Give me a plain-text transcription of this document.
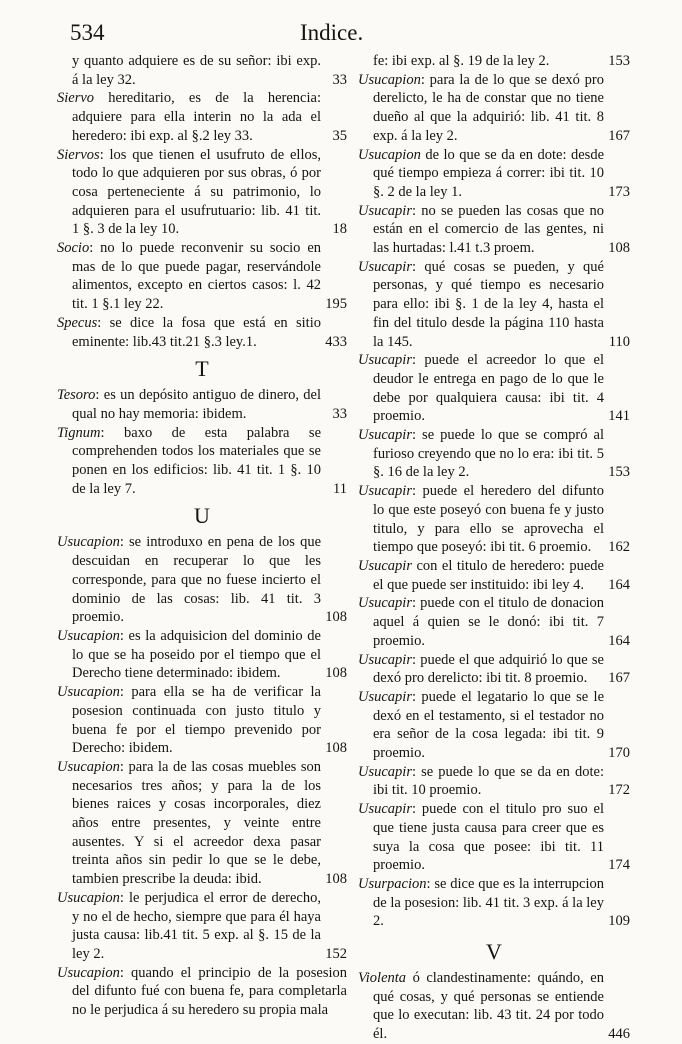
534	Indice.

y quanto adquiere es de su señor: ibi exp. á la ley 32.	33

Siervo hereditario, es de la herencia: adquiere para ella interin no la ada el heredero: ibi exp. al §.2 ley 33.	35

Siervos: los que tienen el usufruto de ellos, todo lo que adquieren por sus obras, ó por cosa perteneciente á su patrimonio, lo adquieren para el usufrutuario: lib. 41 tit. 1 §. 3 de la ley 10.	18

Socio: no lo puede reconvenir su socio en mas de lo que puede pagar, reservándole alimentos, excepto en ciertos casos: l. 42 tit. 1 §.1 ley 22.	195

Specus: se dice la fosa que está en sitio eminente: lib.43 tit.21 §.3 ley.1.	433

T

Tesoro: es un depósito antiguo de dinero, del qual no hay memoria: ibidem.	33

Tignum: baxo de esta palabra se comprehenden todos los materiales que se ponen en los edificios: lib. 41 tit. 1 §. 10 de la ley 7.	11

U

Usucapion: se introduxo en pena de los que descuidan en recuperar lo que les corresponde, para que no fuese incierto el dominio de las cosas: lib. 41 tit. 3 proemio.	108

Usucapion: es la adquisicion del dominio de lo que se ha poseido por el tiempo que el Derecho tiene determinado: ibidem.	108

Usucapion: para ella se ha de verificar la posesion continuada con justo titulo y buena fe por el tiempo prevenido por Derecho: ibidem.	108

Usucapion: para la de las cosas muebles son necesarios tres años; y para la de los bienes raices y cosas incorporales, diez años entre presentes, y veinte entre ausentes. Y si el acreedor dexa pasar treinta años sin pedir lo que se le debe, tambien prescribe la deuda: ibid.	108

Usucapion: le perjudica el error de derecho, y no el de hecho, siempre que para él haya justa causa: lib.41 tit. 5 exp. al §. 15 de la ley 2.	152

Usucapion: quando el principio de la posesion del difunto fué con buena fe, para completarla no le perjudica á su heredero su propia mala

fe: ibi exp. al §. 19 de la ley 2.	153

Usucapion: para la de lo que se dexó pro derelicto, le ha de constar que no tiene dueño al que la adquirió: lib. 41 tit. 8 exp. á la ley 2.	167

Usucapion de lo que se da en dote: desde qué tiempo empieza á correr: ibi tit. 10 §. 2 de la ley 1.	173

Usucapir: no se pueden las cosas que no están en el comercio de las gentes, ni las hurtadas: l.41 t.3 proem.	108

Usucapir: qué cosas se pueden, y qué personas, y qué tiempo es necesario para ello: ibi §. 1 de la ley 4, hasta el fin del titulo desde la página 110 hasta la 145.	110

Usucapir: puede el acreedor lo que el deudor le entrega en pago de lo que le debe por qualquiera causa: ibi tit. 4 proemio.	141

Usucapir: se puede lo que se compró al furioso creyendo que no lo era: ibi tit. 5 §. 16 de la ley 2.	153

Usucapir: puede el heredero del difunto lo que este poseyó con buena fe y justo titulo, y para ello se aprovecha el tiempo que poseyó: ibi tit. 6 proemio. 162

Usucapir con el titulo de heredero: puede el que puede ser instituido: ibi ley 4. 164

Usucapir: puede con el titulo de donacion aquel á quien se le donó: ibi tit. 7 proemio.	164

Usucapir: puede el que adquirió lo que se dexó pro derelicto: ibi tit. 8 proemio. 167

Usucapir: puede el legatario lo que se le dexó en el testamento, si el testador no era señor de la cosa legada: ibi tit. 9 proemio.	170

Usucapir: se puede lo que se da en dote: ibi tit. 10 proemio.	172

Usucapir: puede con el titulo pro suo el que tiene justa causa para creer que es suya la cosa que posee: ibi tit. 11 proemio.	174

Usurpacion: se dice que es la interrupcion de la posesion: lib. 41 tit. 3 exp. á la ley 2.	109

V

Violenta ó clandestinamente: quándo, en qué cosas, y qué personas se entiende que lo executan: lib. 43 tit. 24 por todo él.	446
